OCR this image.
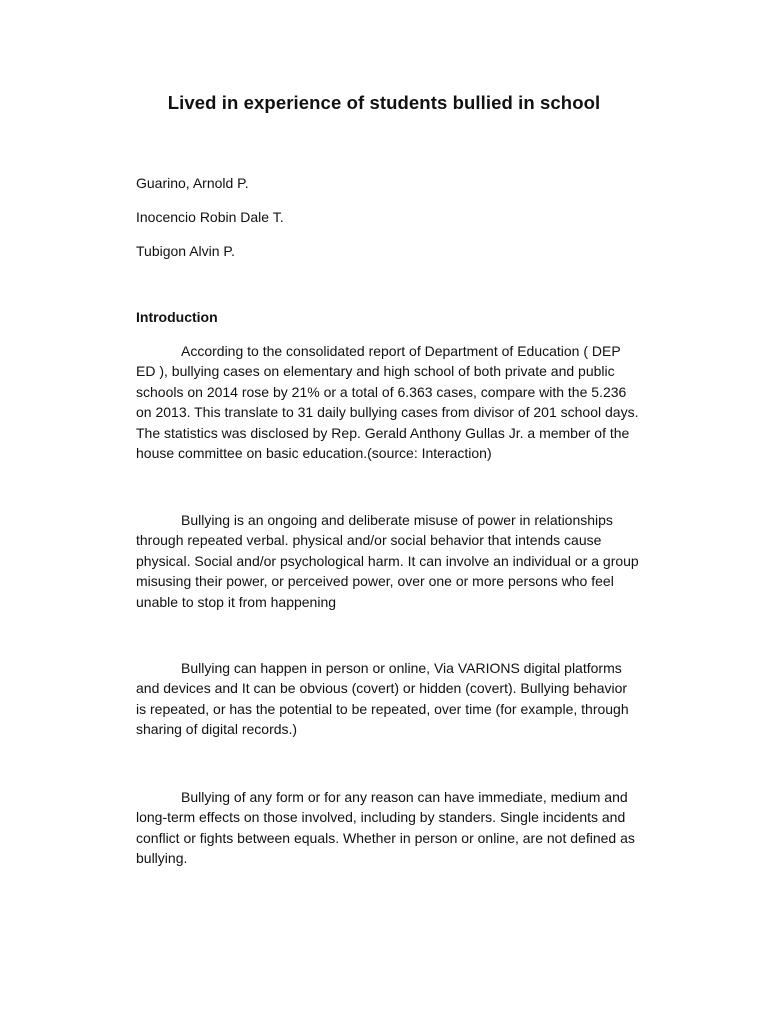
Lived in experience of students bullied in school

Guarino, Arnold P.

Inocencio Robin Dale T.

Tubigon Alvin P.

Introduction

According to the consolidated report of Department of Education ( DEP
ED ), bullying cases on elementary and high school of both private and public
schools on 2014 rose by 21% or a total of 6.363 cases, compare with the 5.236
on 2013. This translate to 31 daily bullying cases from divisor of 201 school days.
The statistics was disclosed by Rep. Gerald Anthony Gullas Jr. a member of the
house committee on basic education.(source: Interaction)

Bullying is an ongoing and deliberate misuse of power in relationships
through repeated verbal. physical and/or social behavior that intends cause
physical. Social and/or psychological harm. It can involve an individual or a group
misusing their power, or perceived power, over one or more persons who feel
unable to stop it from happening

Bullying can happen in person or online, Via VARIONS digital platforms
and devices and It can be obvious (covert) or hidden (covert). Bullying behavior
is repeated, or has the potential to be repeated, over time (for example, through
sharing of digital records.)

Bullying of any form or for any reason can have immediate, medium and
long-term effects on those involved, including by standers. Single incidents and
conflict or fights between equals. Whether in person or online, are not defined as
bullying.
